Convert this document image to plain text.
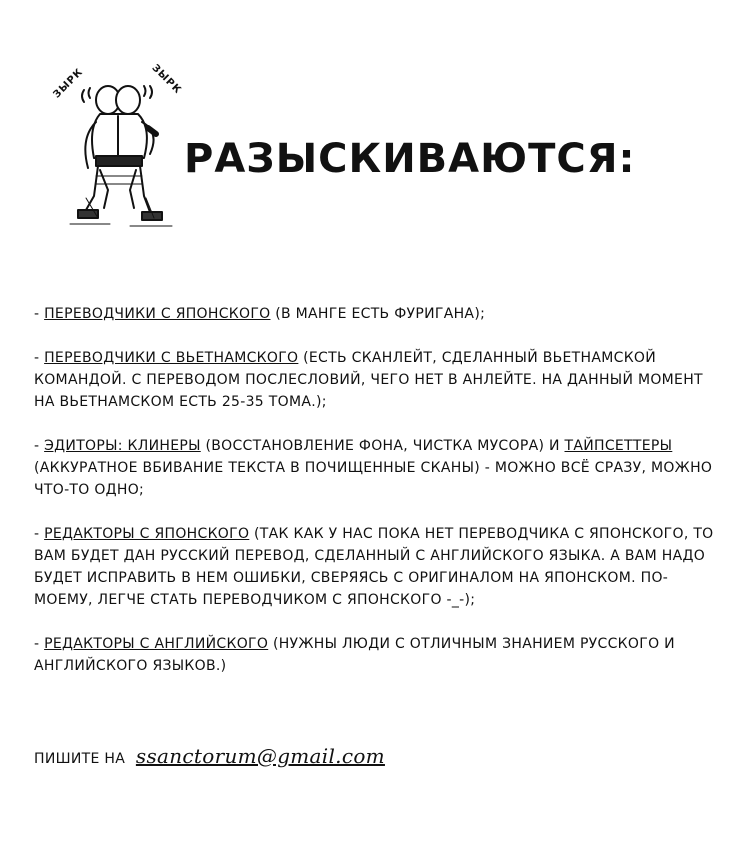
ЗЫРК	ЗЫРК
РАЗЫСКИВАЮТСЯ:

- ПЕРЕВОДЧИКИ С ЯПОНСКОГО (В МАНГЕ ЕСТЬ ФУРИГАНА);

- ПЕРЕВОДЧИКИ С ВЬЕТНАМСКОГО (ЕСТЬ СКАНЛЕЙТ, СДЕЛАННЫЙ ВЬЕТНАМСКОЙ КОМАНДОЙ. С ПЕРЕВОДОМ ПОСЛЕСЛОВИЙ, ЧЕГО НЕТ В АНЛЕЙТЕ. НА ДАННЫЙ МОМЕНТ НА ВЬЕТНАМСКОМ ЕСТЬ 25-35 ТОМА.);

- ЭДИТОРЫ: КЛИНЕРЫ (ВОССТАНОВЛЕНИЕ ФОНА, ЧИСТКА МУСОРА) И ТАЙПСЕТТЕРЫ (АККУРАТНОЕ ВБИВАНИЕ ТЕКСТА В ПОЧИЩЕННЫЕ СКАНЫ) - МОЖНО ВСЁ СРАЗУ, МОЖНО ЧТО-ТО ОДНО;

- РЕДАКТОРЫ С ЯПОНСКОГО (ТАК КАК У НАС ПОКА НЕТ ПЕРЕВОДЧИКА С ЯПОНСКОГО, ТО ВАМ БУДЕТ ДАН РУССКИЙ ПЕРЕВОД, СДЕЛАННЫЙ С АНГЛИЙСКОГО ЯЗЫКА. А ВАМ НАДО БУДЕТ ИСПРАВИТЬ В НЕМ ОШИБКИ, СВЕРЯЯСЬ С ОРИГИНАЛОМ НА ЯПОНСКОМ. ПО-МОЕМУ, ЛЕГЧЕ СТАТЬ ПЕРЕВОДЧИКОМ С ЯПОНСКОГО -_-);

- РЕДАКТОРЫ С АНГЛИЙСКОГО (НУЖНЫ ЛЮДИ С ОТЛИЧНЫМ ЗНАНИЕМ РУССКОГО И АНГЛИЙСКОГО ЯЗЫКОВ.)

ПИШИТЕ НА ssanctorum@gmail.com
